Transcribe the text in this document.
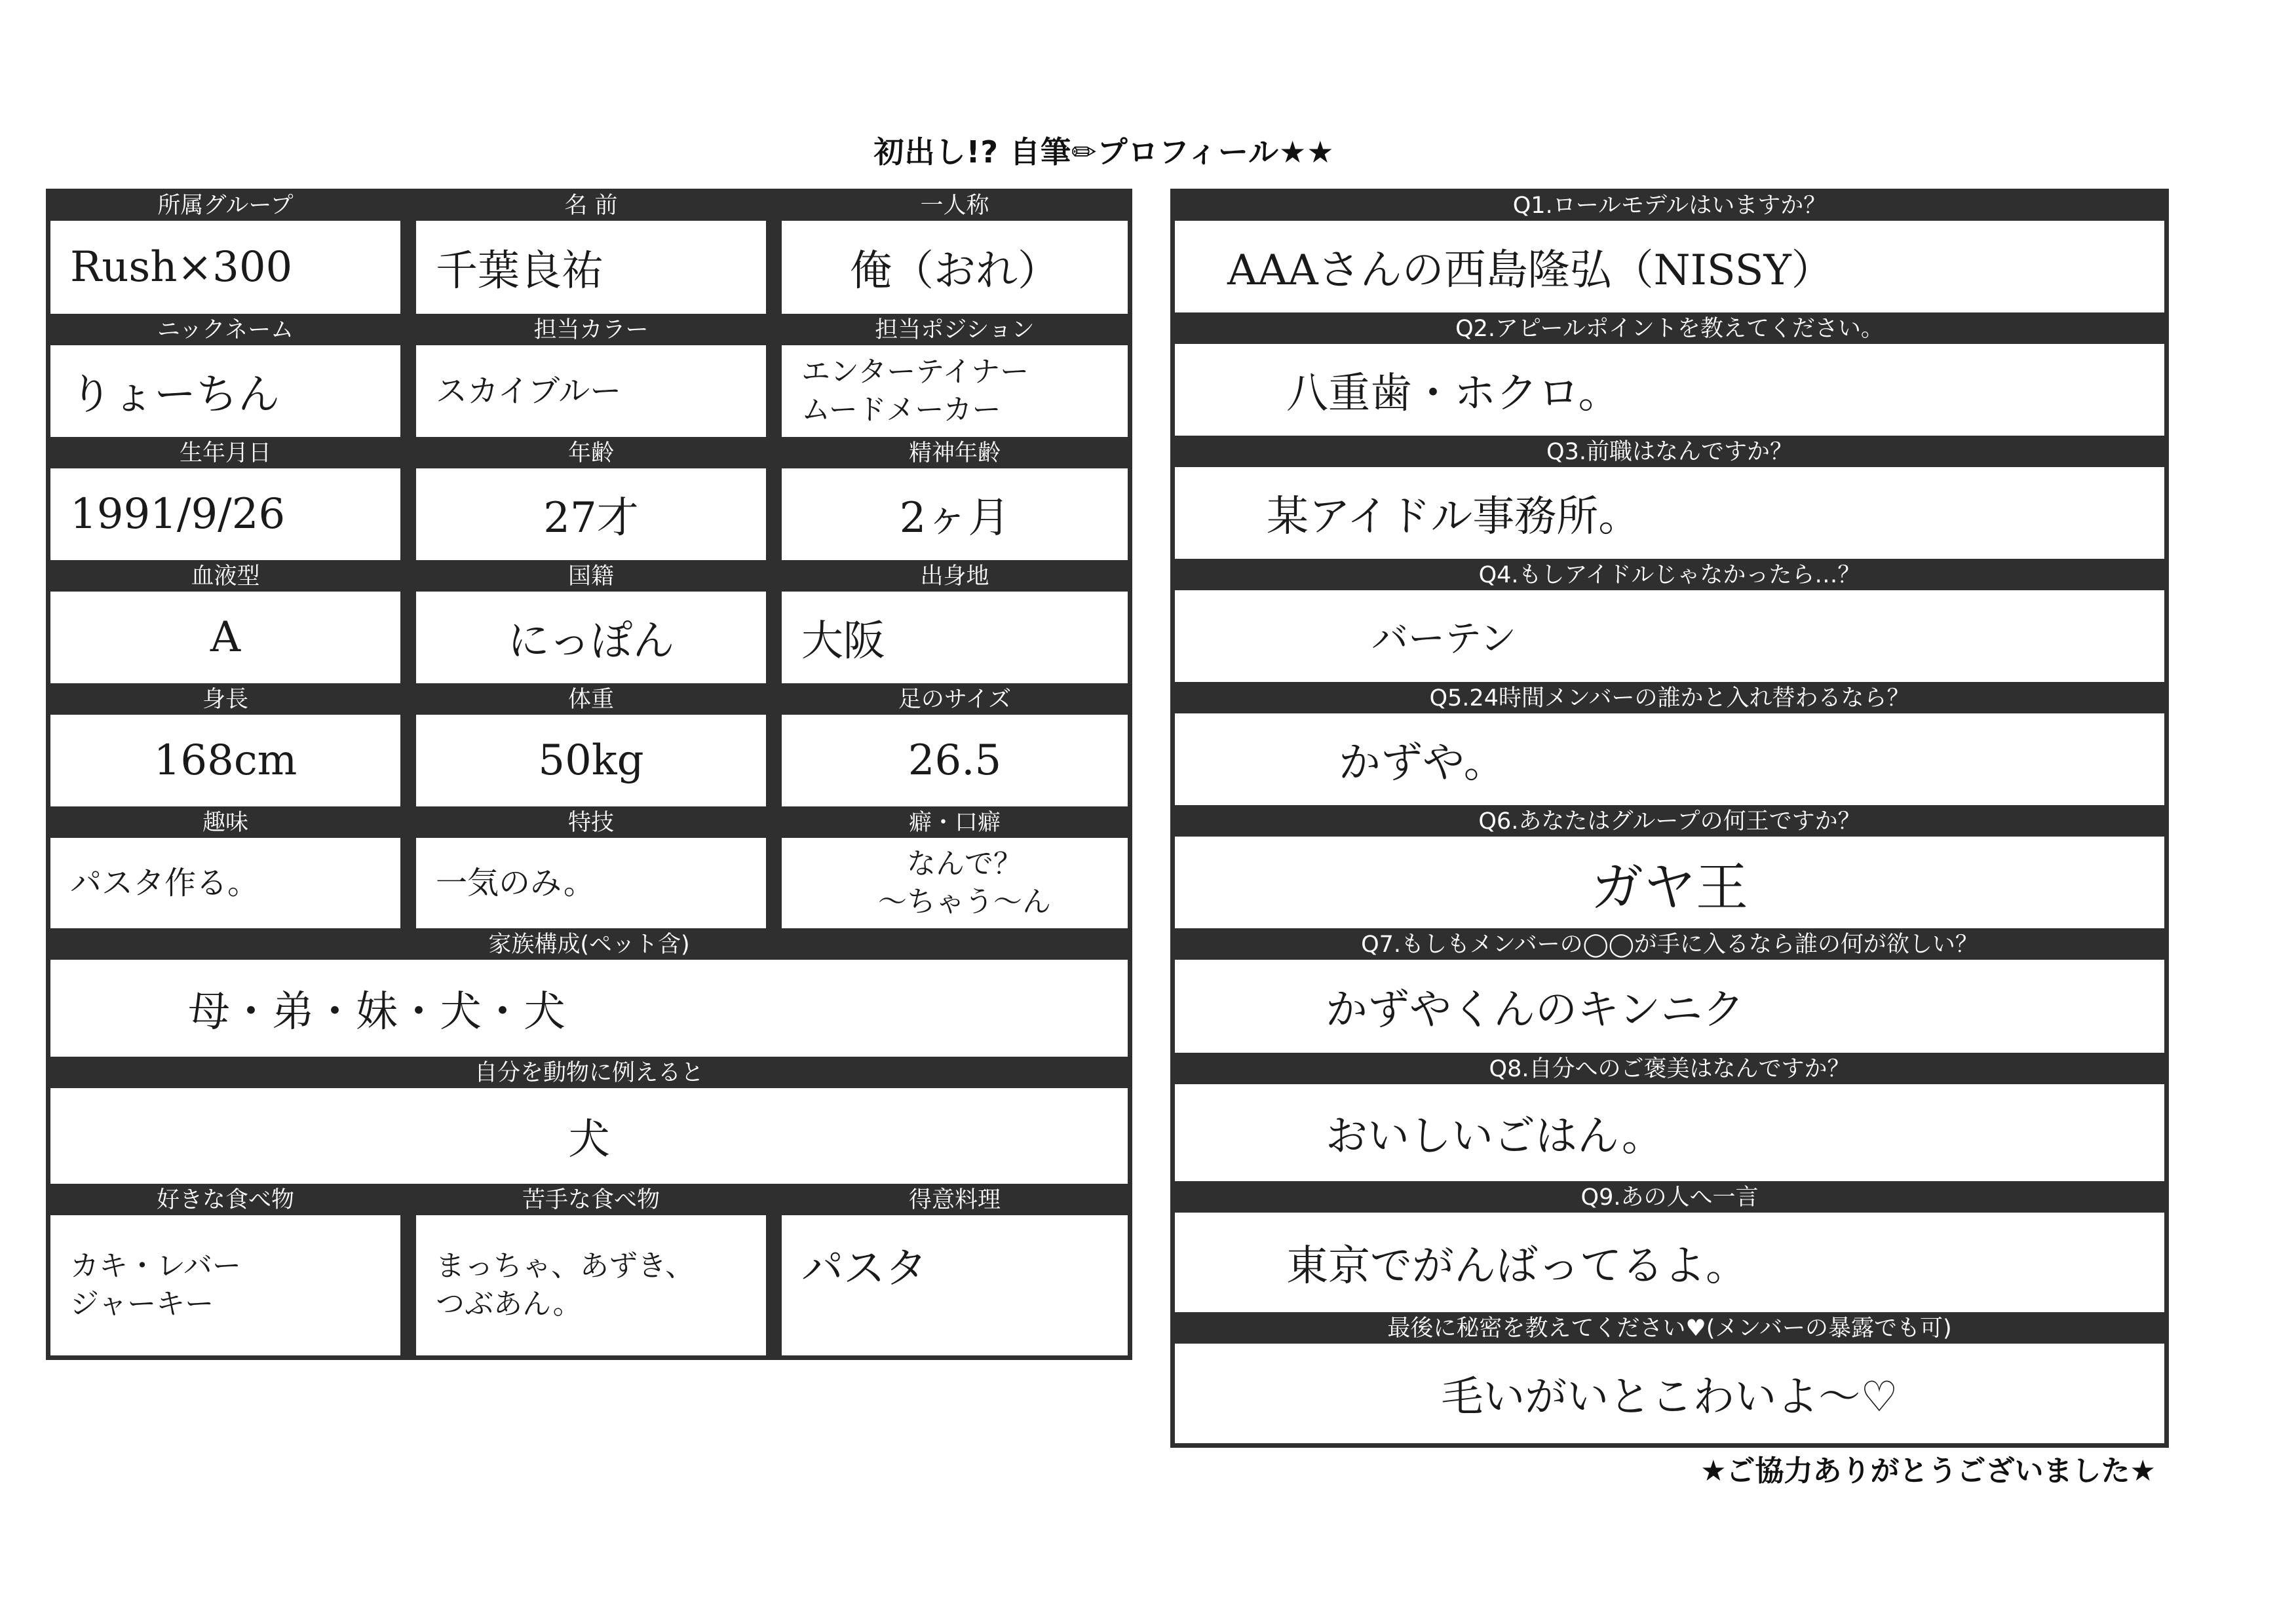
初出し!? 自筆✏プロフィール★★
所属グループ
Rush×300
名 前
千葉良祐
一人称
俺（おれ）
ニックネーム
りょーちん
担当カラー
スカイブルー
担当ポジション
エンターテイナー
ムードメーカー
生年月日
1991/9/26
年齢
27才
精神年齢
2ヶ月
血液型
A
国籍
にっぽん
出身地
大阪
身長
168cm
体重
50kg
足のサイズ
26.5
趣味
パスタ作る。
特技
一気のみ。
癖・口癖
なんで？
〜ちゃう〜ん
家族構成(ペット含)
母・弟・妹・犬・犬
自分を動物に例えると
犬
好きな食べ物
カキ・レバー
ジャーキー
苦手な食べ物
まっちゃ、あずき、
つぶあん。
得意料理
パスタ
Q1.ロールモデルはいますか？
AAAさんの西島隆弘（NISSY）
Q2.アピールポイントを教えてください。
八重歯・ホクロ。
Q3.前職はなんですか？
某アイドル事務所。
Q4.もしアイドルじゃなかったら…？
バーテン
Q5.24時間メンバーの誰かと入れ替わるなら？
かずや。
Q6.あなたはグループの何王ですか？
ガヤ王
Q7.もしもメンバーの◯◯が手に入るなら誰の何が欲しい？
かずやくんのキンニク
Q8.自分へのご褒美はなんですか？
おいしいごはん。
Q9.あの人へ一言
東京でがんばってるよ。
最後に秘密を教えてください♥(メンバーの暴露でも可)
毛いがいとこわいよ〜♡
★ご協力ありがとうございました★
